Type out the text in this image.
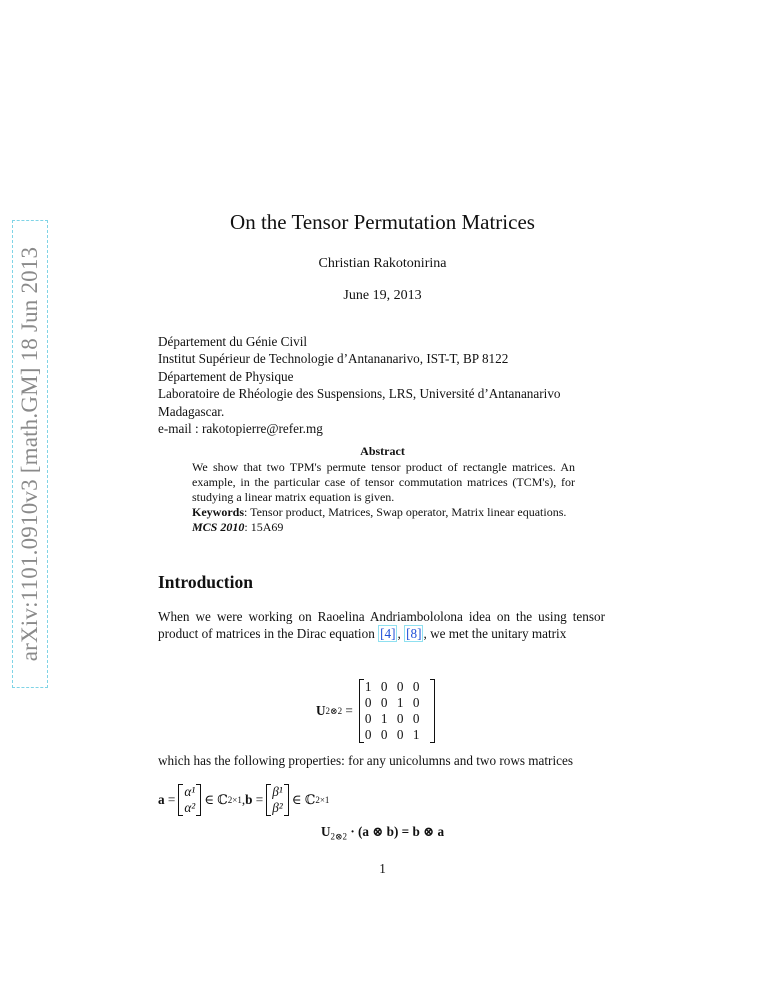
arXiv:1101.0910v3 [math.GM] 18 Jun 2013
On the Tensor Permutation Matrices
Christian Rakotonirina
June 19, 2013
Département du Génie Civil
Institut Supérieur de Technologie d’Antananarivo, IST-T, BP 8122
Département de Physique
Laboratoire de Rhéologie des Suspensions, LRS, Université d’Antananarivo
Madagascar.
e-mail : rakotopierre@refer.mg
Abstract

We show that two TPM's permute tensor product of rectangle matrices. An example, in the particular case of tensor commutation matrices (TCM's), for studying a linear matrix equation is given.

Keywords: Tensor product, Matrices, Swap operator, Matrix linear equations.

MCS 2010: 15A69

Introduction
When we were working on Raoelina Andriambololona idea on the using tensor product of matrices in the Dirac equation [4] , [8] , we met the unitary matrix
U 2⊗2 =
1 0 0 0
0 0 1 0
0 1 0 0
0 0 0 1
which has the following properties: for any unicolumns and two rows matrices
a =
α¹
α²
∈ ℂ 2×1 , b =
β¹
β²
∈ ℂ 2×1
$U_{2\otimes 2} \cdot (a$ ⊗ b) = b ⊗ a
1
